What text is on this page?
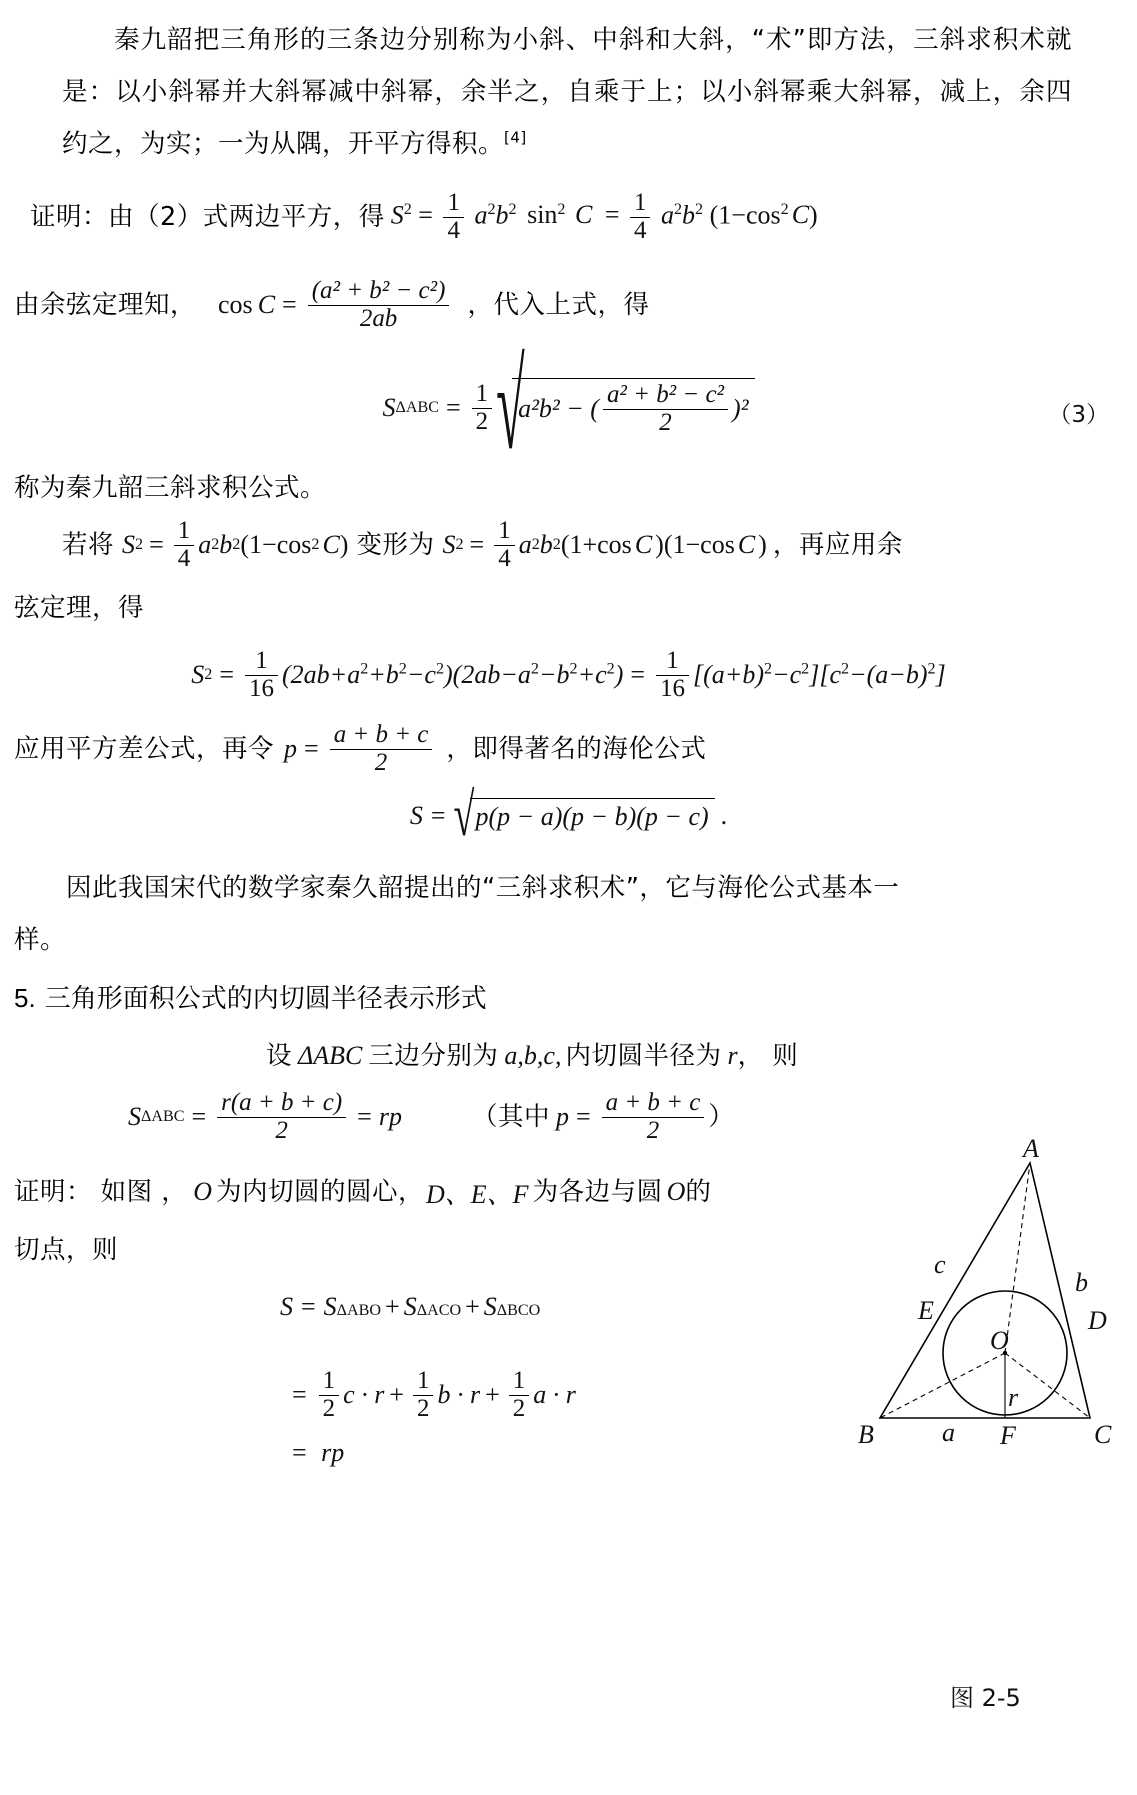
秦九韶把三角形的三条边分别称为小斜、中斜和大斜，“术”即方法，三斜求积术就是：以小斜幂并大斜幂减中斜幂，余半之，自乘于上；以小斜幂乘大斜幂，减上，余四约之，为实；一为从隅，开平方得积。[4]
证明：由（2）式两边平方，得 $S^2 = \frac{1}{4} a^2b^2$ $\sin^2 C = \frac{1}{4} a^2b^2$ ($1-\cos^2$ C)
由余弦定理知， $\cos C = \frac{\text{(a² + b² − c²)}}{2ab}$ ，代入上式，得
S $\Delta ABC = \frac{1}{2}$ √
a²b² − ( $\frac{\text{a² + b² − c²}}{2} )^2$	（3）
称为秦九韶三斜求积公式。
若将 S $2 = \frac{1}{4}$ a 2 b 2 (1 − cos 2 C ) 变形为 S $2 = \frac{1}{4}$ a 2 b 2 (1+ cos C )(1 − cos C ) ，再应用余
弦定理，得
S $2 = \frac{1}{16} (2ab+a^2+b^2-c^2)(2ab-a^2-b^2+c^2) = \frac{1}{16} [(a+b)^2-c^2][c^2-(a-b)^2]$
应用平方差公式，再令 $p = \frac{a + b + c}{2}$ ，即得著名的海伦公式
S = √ p(p − a)(p − b)(p − c) .
因此我国宋代的数学家秦久韶提出的“三斜求积术”，它与海伦公式基本一
样。
5. 三角形面积公式的内切圆半径表示形式
设 ΔABC 三边分别为 a,b,c, 内切圆半径为 r ， 则
S $\Delta ABC = \frac{r(a + b + c)}{2}$ = rp	（其中 $p = \frac{a + b + c}{2}$ ）
证明： 如图 ， O 为内切圆的圆心， D、E、F 为各边与圆 O 的
切点，则
S = S ΔABO + S ΔACO + S ΔBCO
= $\frac{1}{2}$ $c \cdot r + \frac{1}{2}$ $b \cdot r + \frac{1}{2}$ a · r
= rp
A
B	C
D
E
F
O
a
b
c
r
图 2-5
